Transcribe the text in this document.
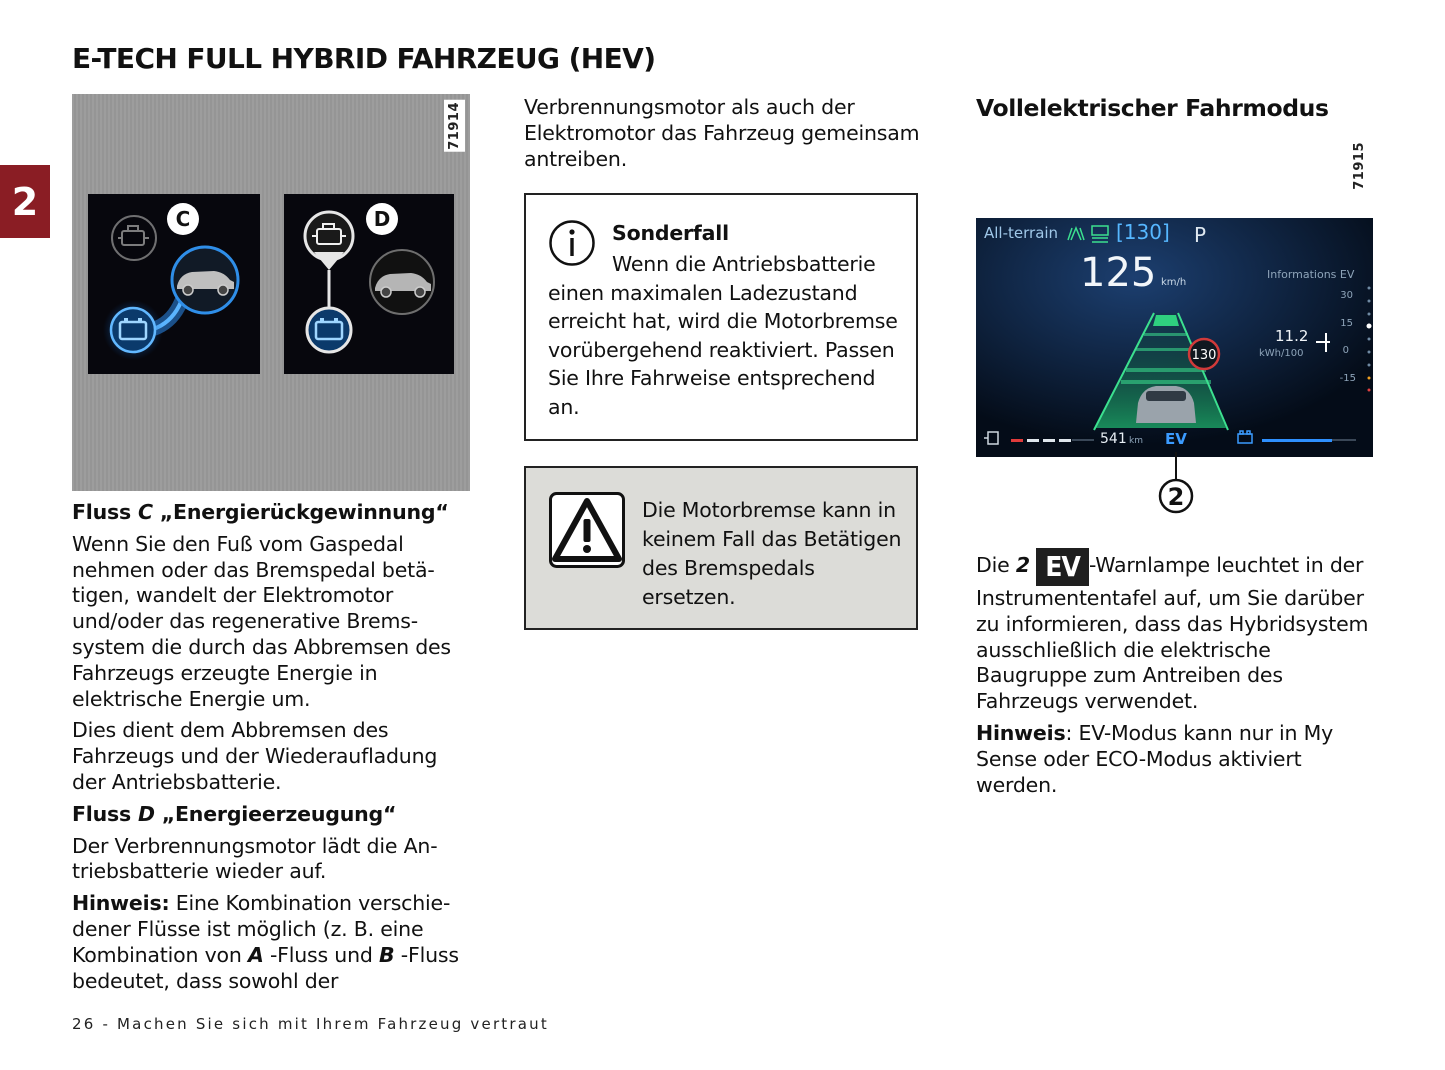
E-TECH FULL HYBRID FAHRZEUG (HEV)
2
71914
C	D

Fluss C „Energierückgewinnung“

Wenn Sie den Fuß vom Gaspedal nehmen oder das Bremspedal betätigen, wandelt der Elektromotor und/oder das regenerative Bremssystem die durch das Abbremsen des Fahrzeugs erzeugte Energie in elektrische Energie um.

Dies dient dem Abbremsen des Fahrzeugs und der Wiederaufladung der Antriebsbatterie.

Fluss D „Energieerzeugung“

Der Verbrennungsmotor lädt die Antriebsbatterie wieder auf.

Hinweis: Eine Kombination verschiedener Flüsse ist möglich (z. B. eine Kombination von A -Fluss und B -Fluss bedeutet, dass sowohl der

Verbrennungsmotor als auch der Elektromotor das Fahrzeug gemeinsam antreiben.
Sonderfall
Wenn die Antriebsbatterie einen maximalen Ladezustand erreicht hat, wird die Motorbremse vorübergehend reaktiviert. Passen Sie Ihre Fahrweise entsprechend an.
Die Motorbremse kann in keinem Fall das Betätigen des Bremspedals ersetzen.
Vollelektrischer Fahrmodus
71915
130
All-terrain	[130] P
125 km/h
Informations EV
11.2
kWh/100
30
15
0
-15
541 km EV
2

Die 2 EV -Warnlampe leuchtet in der Instrumententafel auf, um Sie darüber zu informieren, dass das Hybridsystem ausschließlich die elektrische Baugruppe zum Antreiben des Fahrzeugs verwendet.

Hinweis: EV-Modus kann nur in My Sense oder ECO-Modus aktiviert werden.

26 - Machen Sie sich mit Ihrem Fahrzeug vertraut
